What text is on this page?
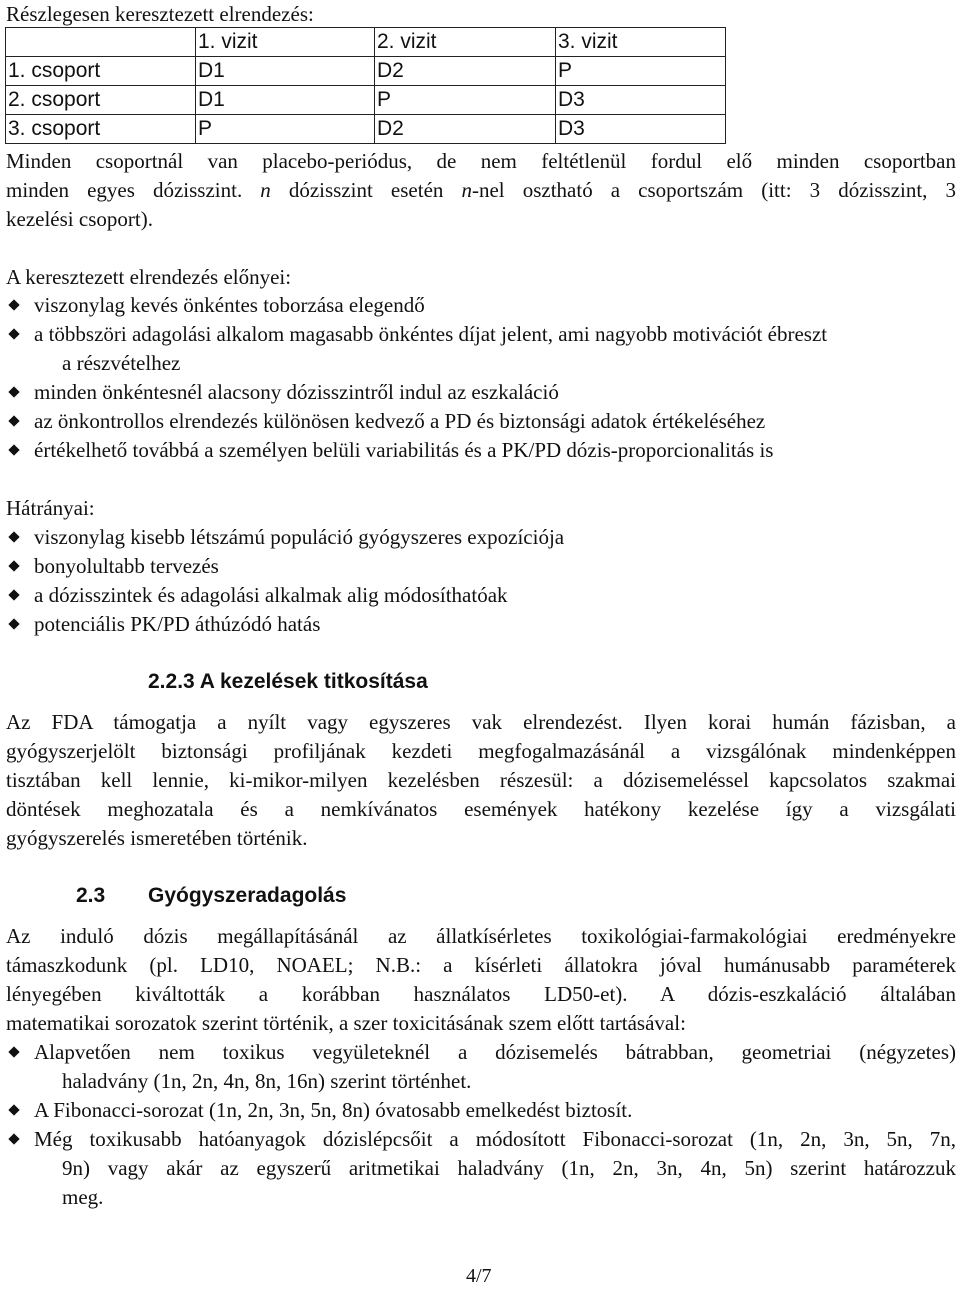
Részlegesen keresztezett elrendezés:
	1. vizit	2. vizit	3. vizit
1. csoport	D1	D2	P
2. csoport	D1	P	D3
3. csoport	P	D2	D3
Minden csoportnál van placebo-periódus, de nem feltétlenül fordul elő minden csoportban
minden egyes dózisszint. n dózisszint esetén n-nel osztható a csoportszám (itt: 3 dózisszint, 3
kezelési csoport).
A keresztezett elrendezés előnyei:
viszonylag kevés önkéntes toborzása elegendő
a többszöri adagolási alkalom magasabb önkéntes díjat jelent, ami nagyobb motivációt ébreszt
a részvételhez
minden önkéntesnél alacsony dózisszintről indul az eszkaláció
az önkontrollos elrendezés különösen kedvező a PD és biztonsági adatok értékeléséhez
értékelhető továbbá a személyen belüli variabilitás és a PK/PD dózis-proporcionalitás is
Hátrányai:
viszonylag kisebb létszámú populáció gyógyszeres expozíciója
bonyolultabb tervezés
a dózisszintek és adagolási alkalmak alig módosíthatóak
potenciális PK/PD áthúzódó hatás
2.2.3 A kezelések titkosítása
Az FDA támogatja a nyílt vagy egyszeres vak elrendezést. Ilyen korai humán fázisban, a
gyógyszerjelölt biztonsági profiljának kezdeti megfogalmazásánál a vizsgálónak mindenképpen
tisztában kell lennie, ki-mikor-milyen kezelésben részesül: a dózisemeléssel kapcsolatos szakmai
döntések meghozatala és a nemkívánatos események hatékony kezelése így a vizsgálati
gyógyszerelés ismeretében történik.
2.3 Gyógyszeradagolás
Az induló dózis megállapításánál az állatkísérletes toxikológiai-farmakológiai eredményekre
támaszkodunk (pl. LD10, NOAEL; N.B.: a kísérleti állatokra jóval humánusabb paraméterek
lényegében kiváltották a korábban használatos LD50-et). A dózis-eszkaláció általában
matematikai sorozatok szerint történik, a szer toxicitásának szem előtt tartásával:
Alapvetően nem toxikus vegyületeknél a dózisemelés bátrabban, geometriai (négyzetes)
haladvány (1n, 2n, 4n, 8n, 16n) szerint történhet.
A Fibonacci-sorozat (1n, 2n, 3n, 5n, 8n) óvatosabb emelkedést biztosít.
Még toxikusabb hatóanyagok dózislépcsőit a módosított Fibonacci-sorozat (1n, 2n, 3n, 5n, 7n,
9n) vagy akár az egyszerű aritmetikai haladvány (1n, 2n, 3n, 4n, 5n) szerint határozzuk
meg.
4/7
